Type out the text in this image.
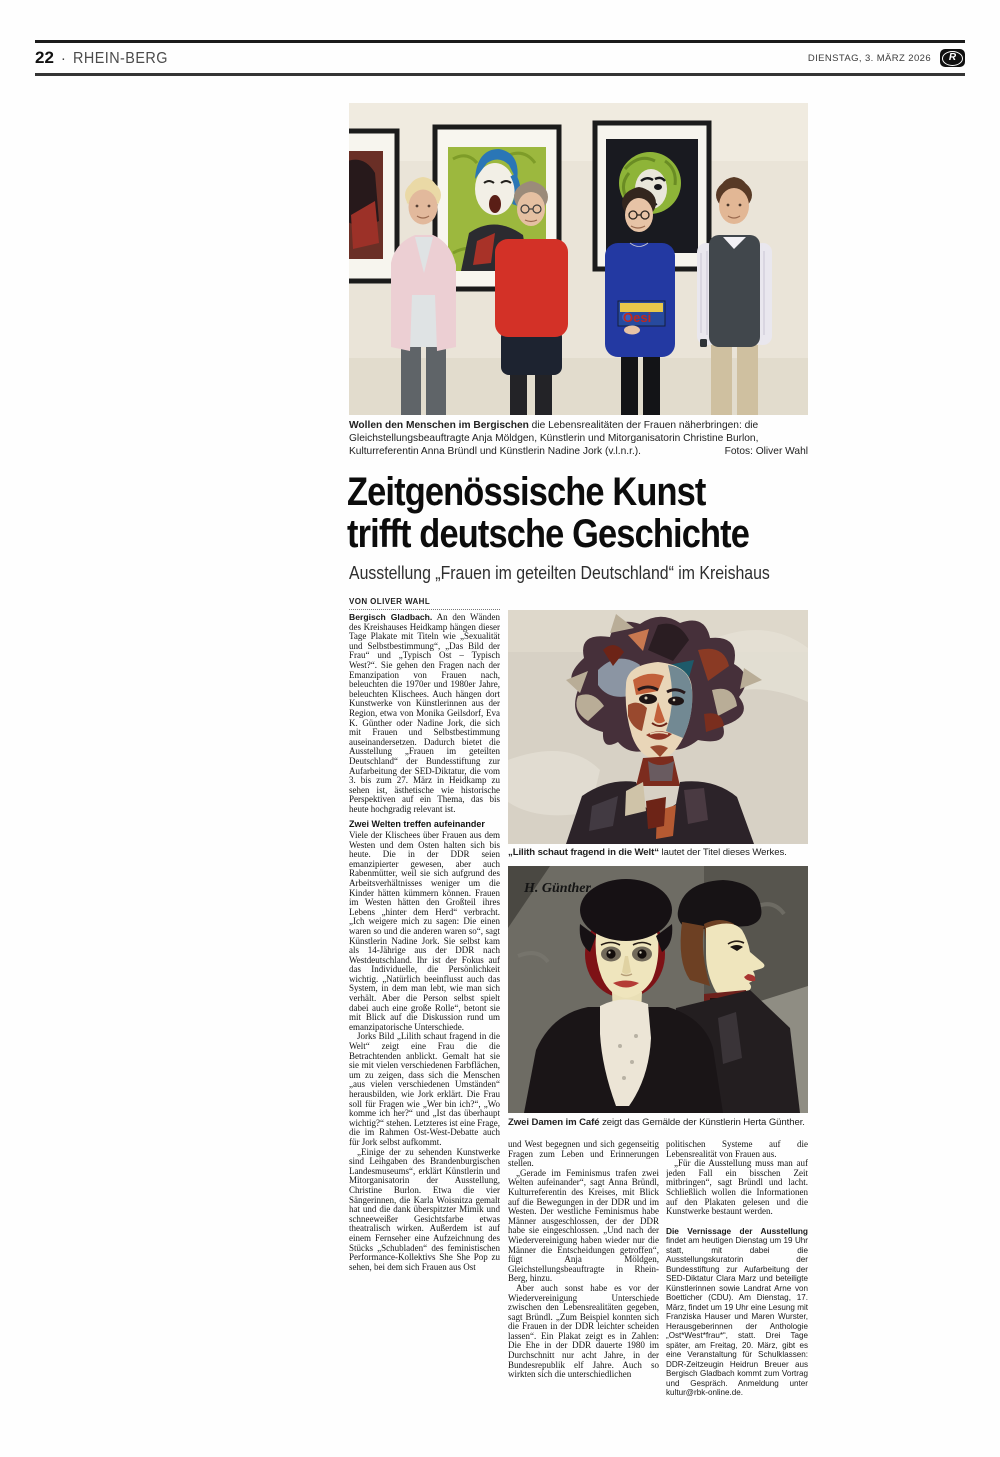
22 · RHEIN-BERG	DIENSTAG, 3. MÄRZ 2026 R
Oesi
Wollen den Menschen im Bergischen die Lebensrealitäten der Frauen näherbringen: die Gleichstellungsbeauftragte Anja Möldgen, Künstlerin und Mitorganisatorin Christine Burlon, Kulturreferentin Anna Bründl und Künstlerin Nadine Jork (v.l.n.r.).	Fotos: Oliver Wahl
Zeitgenössische Kunst
trifft deutsche Geschichte
Ausstellung „Frauen im geteilten Deutschland“ im Kreishaus
VON OLIVER WAHL

Bergisch Gladbach. An den Wänden des Kreishauses Heidkamp hängen dieser Tage Plakate mit Titeln wie „Sexualität und Selbstbestimmung“, „Das Bild der Frau“ und „Typisch Ost – Typisch West?“. Sie gehen den Fragen nach der Emanzipation von Frauen nach, beleuchten die 1970er und 1980er Jahre, beleuchten Klischees. Auch hängen dort Kunstwerke von Künstlerinnen aus der Region, etwa von Monika Geilsdorf, Eva K. Günther oder Nadine Jork, die sich mit Frauen und Selbstbestimmung auseinandersetzen. Dadurch bietet die Ausstellung „Frauen im geteilten Deutschland“ der Bundesstiftung zur Aufarbeitung der SED-Diktatur, die vom 3. bis zum 27. März in Heidkamp zu sehen ist, ästhetische wie historische Perspektiven auf ein Thema, das bis heute hochgradig relevant ist.

Zwei Welten treffen aufeinander

Viele der Klischees über Frauen aus dem Westen und dem Osten halten sich bis heute. Die in der DDR seien emanzipierter gewesen, aber auch Rabenmütter, weil sie sich aufgrund des Arbeitsverhältnisses weniger um die Kinder hätten kümmern können. Frauen im Westen hätten den Großteil ihres Lebens „hinter dem Herd“ verbracht. „Ich weigere mich zu sagen: Die einen waren so und die anderen waren so“, sagt Künstlerin Nadine Jork. Sie selbst kam als 14-Jährige aus der DDR nach Westdeutschland. Ihr ist der Fokus auf das Individuelle, die Persönlichkeit wichtig. „Natürlich beeinflusst auch das System, in dem man lebt, wie man sich verhält. Aber die Person selbst spielt dabei auch eine große Rolle“, betont sie mit Blick auf die Diskussion rund um emanzipatorische Unterschiede.

Jorks Bild „Lilith schaut fragend in die Welt“ zeigt eine Frau die die Betrachtenden anblickt. Gemalt hat sie sie mit vielen verschiedenen Farbflächen, um zu zeigen, dass sich die Menschen „aus vielen verschiedenen Umständen“ herausbilden, wie Jork erklärt. Die Frau soll für Fragen wie „Wer bin ich?“, „Wo komme ich her?“ und „Ist das überhaupt wichtig?“ stehen. Letzteres ist eine Frage, die im Rahmen Ost-West-Debatte auch für Jork selbst aufkommt.

„Einige der zu sehenden Kunstwerke sind Leihgaben des Brandenburgischen Landesmuseums“, erklärt Künstlerin und Mitorganisatorin der Ausstellung, Christine Burlon. Etwa die vier Sängerinnen, die Karla Woisnitza gemalt hat und die dank überspitzter Mimik und schneeweißer Gesichtsfarbe etwas theatralisch wirken. Außerdem ist auf einem Fernseher eine Aufzeichnung des Stücks „Schubladen“ des feministischen Performance-Kollektivs She She Pop zu sehen, bei dem sich Frauen aus Ost

„Lilith schaut fragend in die Welt“ lautet der Titel dieses Werkes.
H. Günther
Zwei Damen im Café zeigt das Gemälde der Künstlerin Herta Günther.

und West begegnen und sich gegenseitig Fragen zum Leben und Erinnerungen stellen.

„Gerade im Feminismus trafen zwei Welten aufeinander“, sagt Anna Bründl, Kulturreferentin des Kreises, mit Blick auf die Bewegungen in der DDR und im Westen. Der westliche Feminismus habe Männer ausgeschlossen, der der DDR habe sie eingeschlossen. „Und nach der Wiedervereinigung haben wieder nur die Männer die Entscheidungen getroffen“, fügt Anja Möldgen, Gleichstellungsbeauftragte in Rhein-Berg, hinzu.

Aber auch sonst habe es vor der Wiedervereinigung Unterschiede zwischen den Lebensrealitäten gegeben, sagt Bründl. „Zum Beispiel konnten sich die Frauen in der DDR leichter scheiden lassen“. Ein Plakat zeigt es in Zahlen: Die Ehe in der DDR dauerte 1980 im Durchschnitt nur acht Jahre, in der Bundesrepublik elf Jahre. Auch so wirkten sich die unterschiedlichen

politischen Systeme auf die Lebensrealität von Frauen aus.

„Für die Ausstellung muss man auf jeden Fall ein bisschen Zeit mitbringen“, sagt Bründl und lacht. Schließlich wollen die Informationen auf den Plakaten gelesen und die Kunstwerke bestaunt werden.

Die Vernissage der Ausstellung findet am heutigen Dienstag um 19 Uhr statt, mit dabei die Ausstellungskuratorin der Bundesstiftung zur Aufarbeitung der SED-Diktatur Clara Marz und beteiligte Künstlerinnen sowie Landrat Arne von Boetticher (CDU). Am Dienstag, 17. März, findet um 19 Uhr eine Lesung mit Franziska Hauser und Maren Wurster, Herausgeberinnen der Anthologie „Ost*West*frau*“, statt. Drei Tage später, am Freitag, 20. März, gibt es eine Veranstaltung für Schulklassen: DDR-Zeitzeugin Heidrun Breuer aus Bergisch Gladbach kommt zum Vortrag und Gespräch. Anmeldung unter kultur@rbk-online.de.
